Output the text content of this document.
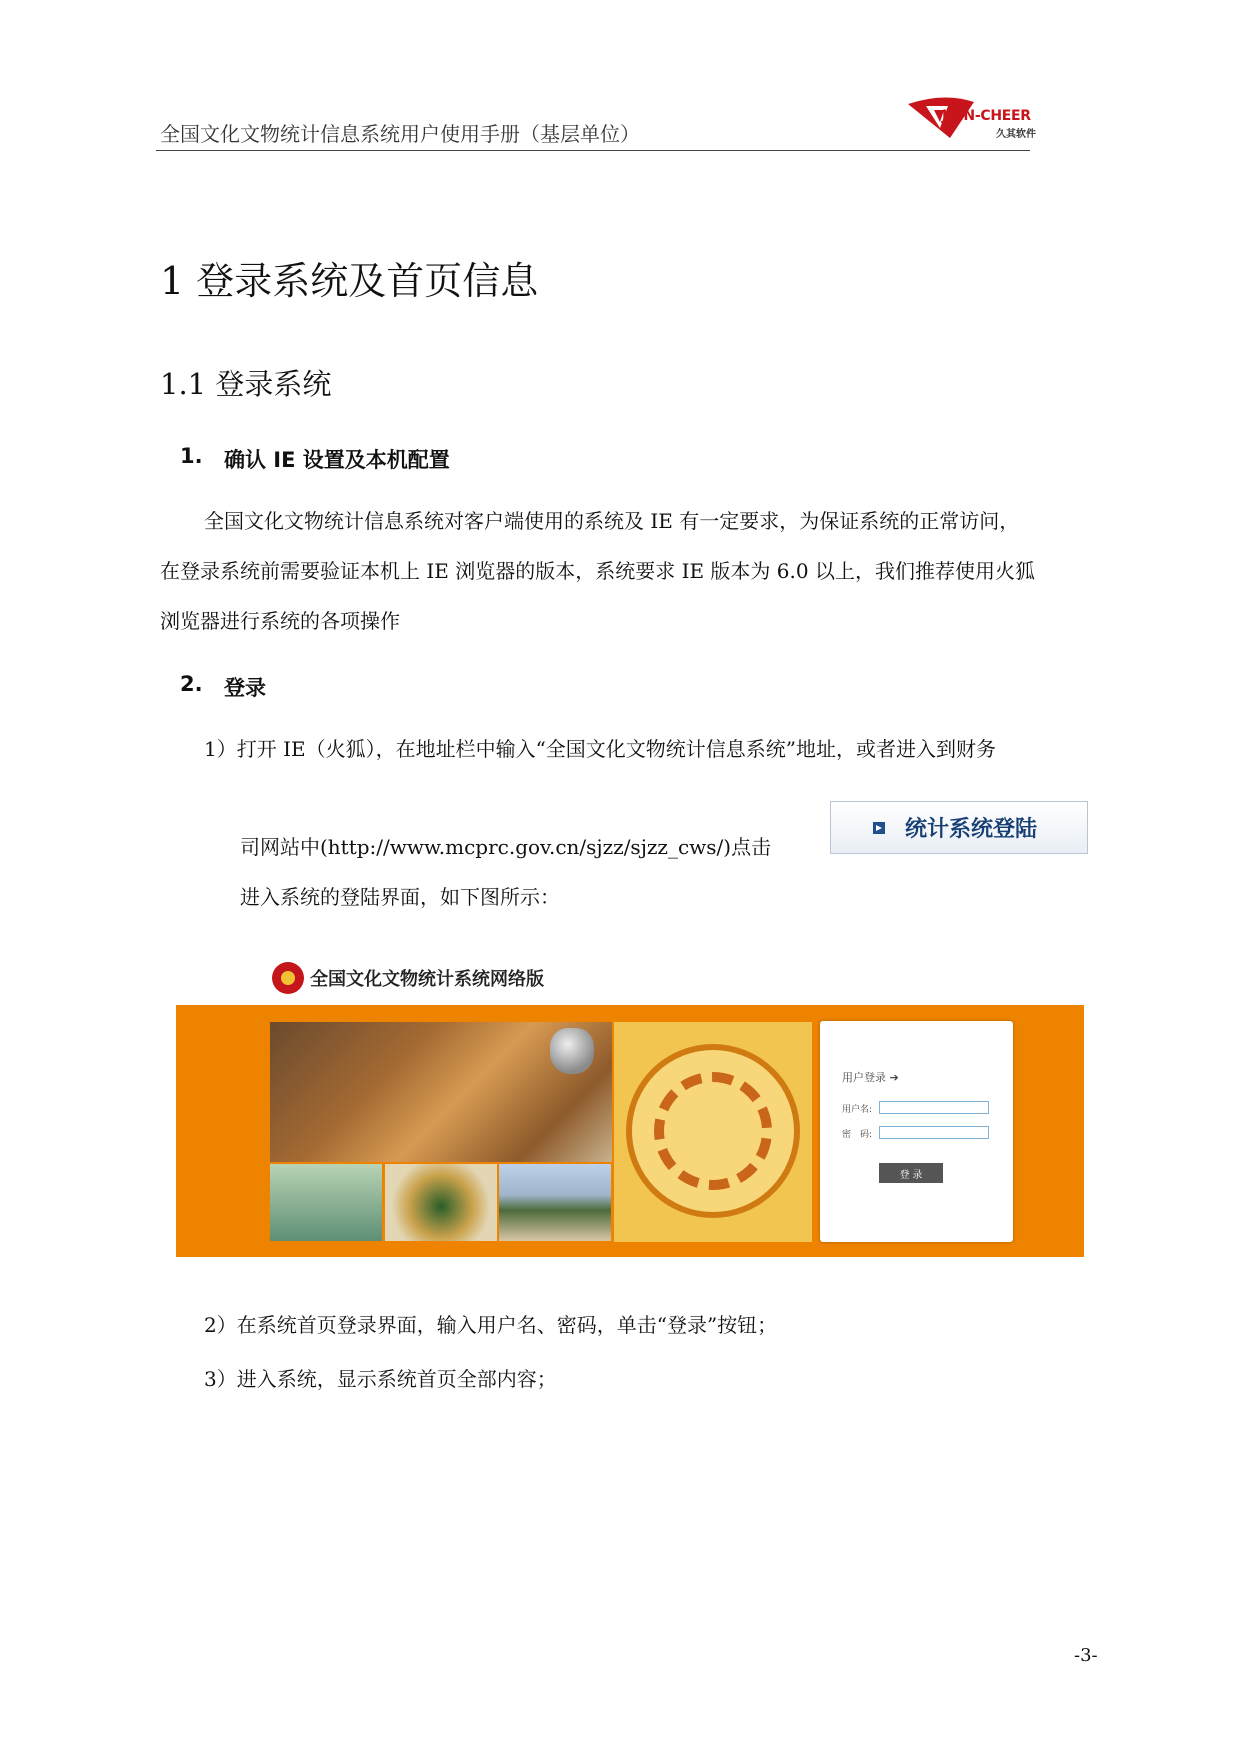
全国文化文物统计信息系统用户使用手册（基层单位）
JOIN-CHEER
久其软件
1 登录系统及首页信息
1.1 登录系统
1. 确认 IE 设置及本机配置
全国文化文物统计信息系统对客户端使用的系统及 IE 有一定要求，为保证系统的正常访问，
在登录系统前需要验证本机上 IE 浏览器的版本，系统要求 IE 版本为 6.0 以上，我们推荐使用火狐
浏览器进行系统的各项操作
2. 登录
1）打开 IE（火狐），在地址栏中输入“全国文化文物统计信息系统”地址，或者进入到财务
司网站中(http://www.mcprc.gov.cn/sjzz/sjzz_cws/)点击
统计系统登陆
进入系统的登陆界面，如下图所示：
全国文化文物统计系统网络版
用户登录 ➔
用户名:
密　码:
登 录
2）在系统首页登录界面，输入用户名、密码，单击“登录”按钮；
3）进入系统，显示系统首页全部内容；
-3-
